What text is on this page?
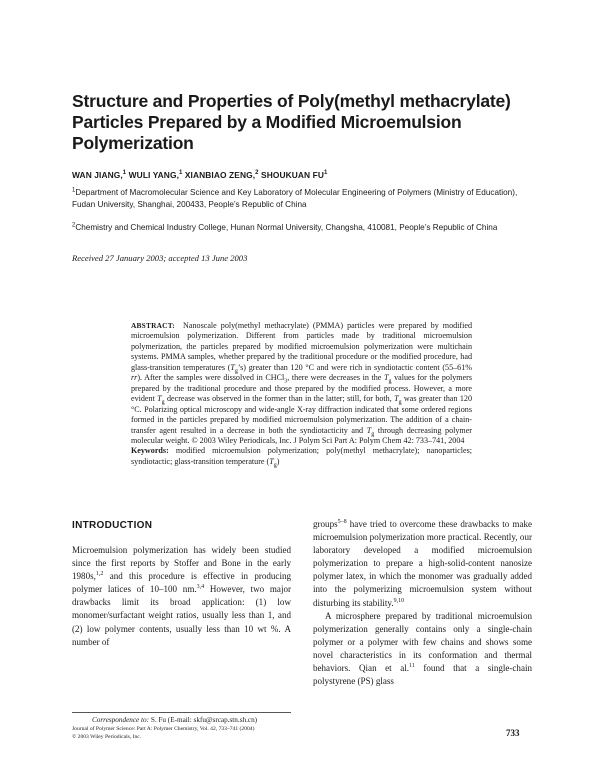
Structure and Properties of Poly(methyl methacrylate) Particles Prepared by a Modified Microemulsion Polymerization
WAN JIANG,$^1$ WULI YANG,$^1$ XIANBIAO ZENG,$^2$ SHOUKUAN $FU^1$
$^1$Department of Macromolecular Science and Key Laboratory of Molecular Engineering of Polymers (Ministry of Education), Fudan University, Shanghai, 200433, People’s Republic of China
$^2$Chemistry and Chemical Industry College, Hunan Normal University, Changsha, 410081, People’s Republic of China
Received 27 January 2003; accepted 13 June 2003
ABSTRACT: Nanoscale poly(methyl methacrylate) (PMMA) particles were prepared by modified microemulsion polymerization. Different from particles made by traditional microemulsion polymerization, the particles prepared by modified microemulsion polymerization were multichain systems. PMMA samples, whether prepared by the traditional procedure or the modified procedure, had glass-transition temperatures $(T_g’s)$ greater than 120 °C and were rich in syndiotactic content (55–61% rr). After the samples were dissolved in CHCl$_3$, there were decreases in the $T_g$ values for the polymers prepared by the traditional procedure and those prepared by the modified process. However, a more evident $T_g$ decrease was observed in the former than in the latter; still, for both, $T_g$ was greater than 120 °C. Polarizing optical microscopy and wide-angle X-ray diffraction indicated that some ordered regions formed in the particles prepared by modified microemulsion polymerization. The addition of a chain-transfer agent resulted in a decrease in both the syndiotacticity and $T_g$ through decreasing polymer molecular weight. © 2003 Wiley Periodicals, Inc. J Polym Sci Part A: Polym Chem 42: 733–741, 2004
Keywords: modified microemulsion polymerization; poly(methyl methacrylate); nanoparticles; syndiotactic; glass-transition temperature $(T_g)$
INTRODUCTION

Microemulsion polymerization has widely been studied since the first reports by Stoffer and Bone in the early 1980s,$^{1,2}$ and this procedure is effective in producing polymer latices of 10–100 nm.$^{3,4}$ However, two major drawbacks limit its broad application: (1) low monomer/surfactant weight ratios, usually less than 1, and (2) low polymer contents, usually less than 10 wt %. A number of

groups$^{5-8}$ have tried to overcome these drawbacks to make microemulsion polymerization more practical. Recently, our laboratory developed a modified microemulsion polymerization to prepare a high-solid-content nanosize polymer latex, in which the monomer was gradually added into the polymerizing microemulsion system without disturbing its stability.$^{9,10}$

A microsphere prepared by traditional microemulsion polymerization generally contains only a single-chain polymer or a polymer with few chains and shows some novel characteristics in its conformation and thermal behaviors. Qian et al.$^{11}$ found that a single-chain polystyrene (PS) glass

Correspondence to: S. Fu (E-mail: skfu@srcap.stn.sh.cn)
Journal of Polymer Science: Part A: Polymer Chemistry, Vol. 42, 733–741 (2004)
© 2003 Wiley Periodicals, Inc.	733
